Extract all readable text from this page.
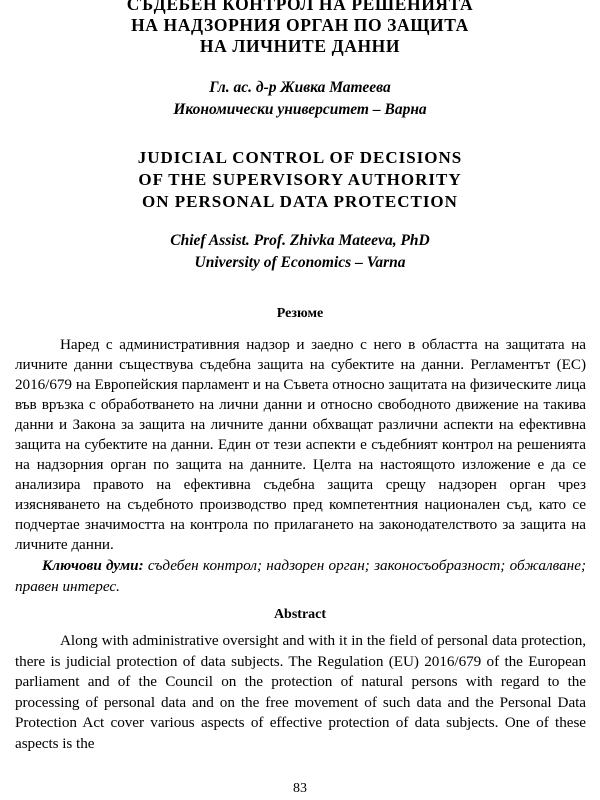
СЪДЕБЕН КОНТРОЛ НА РЕШЕНИЯТА
НА НАДЗОРНИЯ ОРГАН ПО ЗАЩИТА
НА ЛИЧНИТЕ ДАННИ
Гл. ас. д-р Живка Матеева
Икономически университет – Варна
JUDICIAL CONTROL OF DECISIONS
OF THE SUPERVISORY AUTHORITY
ON PERSONAL DATA PROTECTION
Chief Assist. Prof. Zhivka Mateeva, PhD
University of Economics – Varna
Резюме

Наред с административния надзор и заедно с него в областта на защитата на личните данни съществува съдебна защита на субектите на данни. Регламентът (ЕС) 2016/679 на Европейския парламент и на Съвета относно защитата на физическите лица във връзка с обработването на лични данни и относно свободното движение на такива данни и Закона за защита на личните данни обхващат различни аспекти на ефективна защита на субектите на данни. Един от тези аспекти е съдебният контрол на решенията на надзорния орган по защита на данните. Целта на настоящото изложение е да се анализира правото на ефективна съдебна защита срещу надзорен орган чрез изясняването на съдебното производство пред компетентния национален съд, като се подчертае значимостта на контрола по прилагането на законодателството за защита на личните данни.

Ключови думи: съдебен контрол; надзорен орган; законосъобразност; обжалване; правен интерес.

Abstract

Along with administrative oversight and with it in the field of personal data protection, there is judicial protection of data subjects. The Regulation (EU) 2016/679 of the European parliament and of the Council on the protection of natural persons with regard to the processing of personal data and on the free movement of such data and the Personal Data Protection Act cover various aspects of effective protection of data subjects. One of these aspects is the

83
